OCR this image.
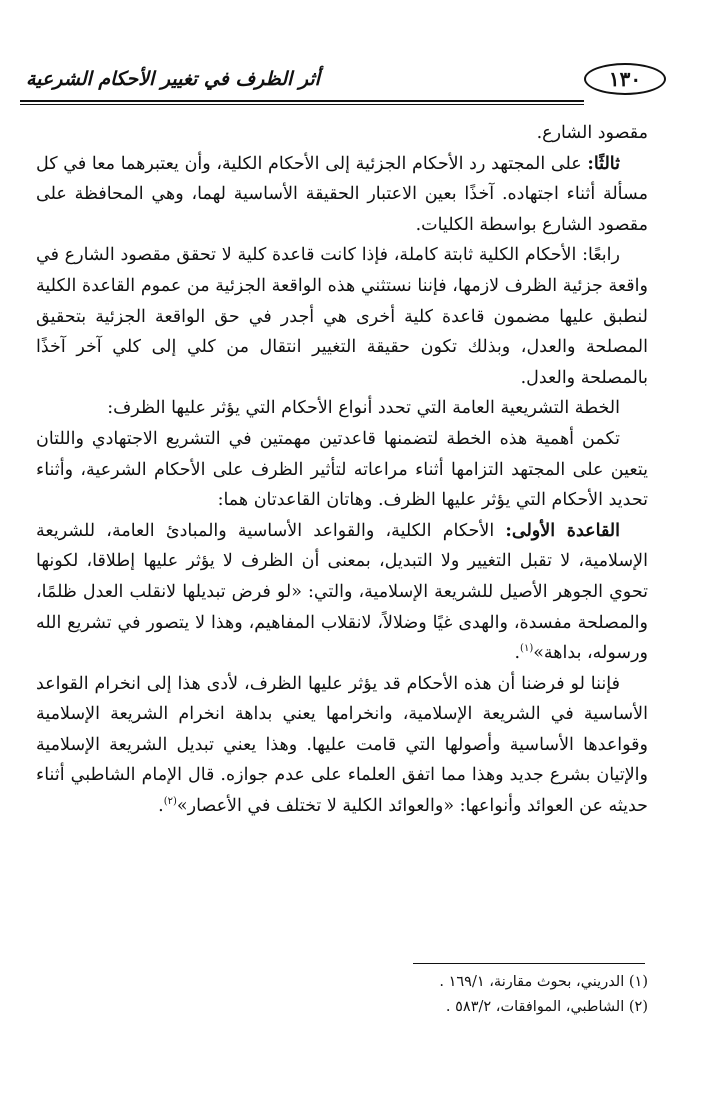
أثر الظرف في تغيير الأحكام الشرعية	١٣٠

مقصود الشارع.

ثالثًا: على المجتهد رد الأحكام الجزئية إلى الأحكام الكلية، وأن يعتبرهما معا في كل مسألة أثناء اجتهاده. آخذًا بعين الاعتبار الحقيقة الأساسية لهما، وهي المحافظة على مقصود الشارع بواسطة الكليات.

رابعًا: الأحكام الكلية ثابتة كاملة، فإذا كانت قاعدة كلية لا تحقق مقصود الشارع في واقعة جزئية الظرف لازمها، فإننا نستثني هذه الواقعة الجزئية من عموم القاعدة الكلية لنطبق عليها مضمون قاعدة كلية أخرى هي أجدر في حق الواقعة الجزئية بتحقيق المصلحة والعدل، وبذلك تكون حقيقة التغيير انتقال من كلي إلى كلي آخر آخذًا بالمصلحة والعدل.

الخطة التشريعية العامة التي تحدد أنواع الأحكام التي يؤثر عليها الظرف:

تكمن أهمية هذه الخطة لتضمنها قاعدتين مهمتين في التشريع الاجتهادي واللتان يتعين على المجتهد التزامها أثناء مراعاته لتأثير الظرف على الأحكام الشرعية، وأثناء تحديد الأحكام التي يؤثر عليها الظرف. وهاتان القاعدتان هما:

القاعدة الأولى: الأحكام الكلية، والقواعد الأساسية والمبادئ العامة، للشريعة الإسلامية، لا تقبل التغيير ولا التبديل، بمعنى أن الظرف لا يؤثر عليها إطلاقا، لكونها تحوي الجوهر الأصيل للشريعة الإسلامية، والتي: «لو فرض تبديلها لانقلب العدل ظلمًا، والمصلحة مفسدة، والهدى غيًا وضلالاً، لانقلاب المفاهيم، وهذا لا يتصور في تشريع الله ورسوله، بداهة»$^{(١)}$.

فإننا لو فرضنا أن هذه الأحكام قد يؤثر عليها الظرف، لأدى هذا إلى انخرام القواعد الأساسية في الشريعة الإسلامية، وانخرامها يعني بداهة انخرام الشريعة الإسلامية وقواعدها الأساسية وأصولها التي قامت عليها. وهذا يعني تبديل الشريعة الإسلامية والإتيان بشرع جديد وهذا مما اتفق العلماء على عدم جوازه. قال الإمام الشاطبي أثناء حديثه عن العوائد وأنواعها: «والعوائد الكلية لا تختلف في الأعصار»$^{(٢)}$.

(١) الدريني، بحوث مقارنة، ١٦٩/١ .
(٢) الشاطبي، الموافقات، ٥٨٣/٢ .
